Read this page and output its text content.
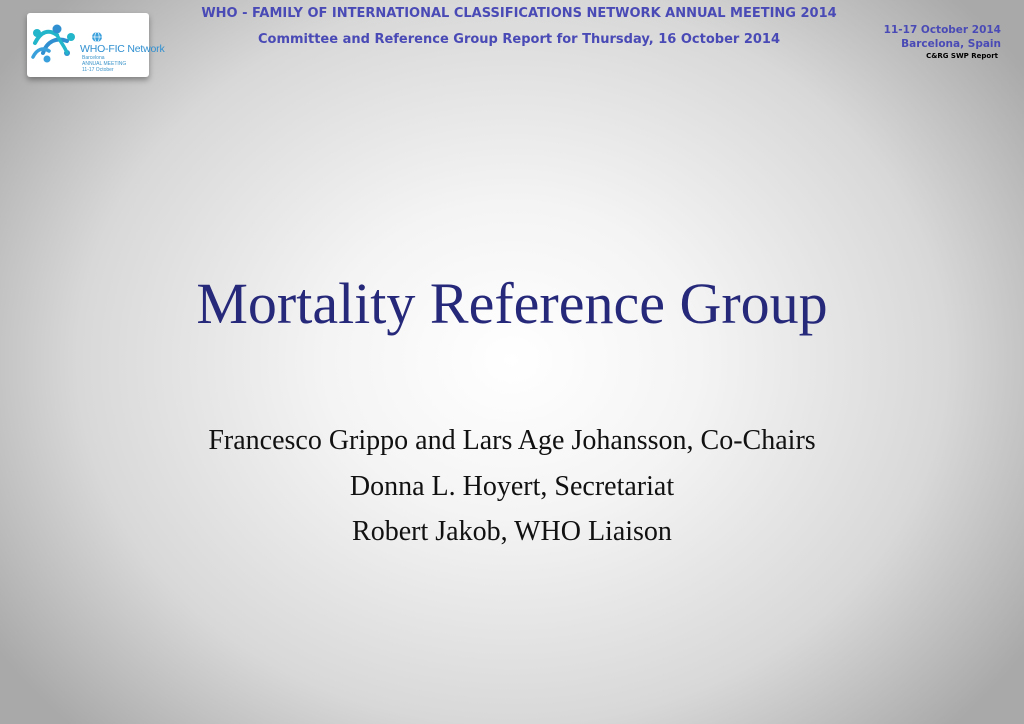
WHO-FIC Network
Barcelona
ANNUAL MEETING
11-17 October
WHO - FAMILY OF INTERNATIONAL CLASSIFICATIONS NETWORK ANNUAL MEETING 2014
Committee and Reference Group Report for Thursday, 16 October 2014
11-17 October 2014
Barcelona, Spain
C&RG SWP Report
Mortality Reference Group
Francesco Grippo and Lars Age Johansson, Co-Chairs
Donna L. Hoyert, Secretariat
Robert Jakob, WHO Liaison
